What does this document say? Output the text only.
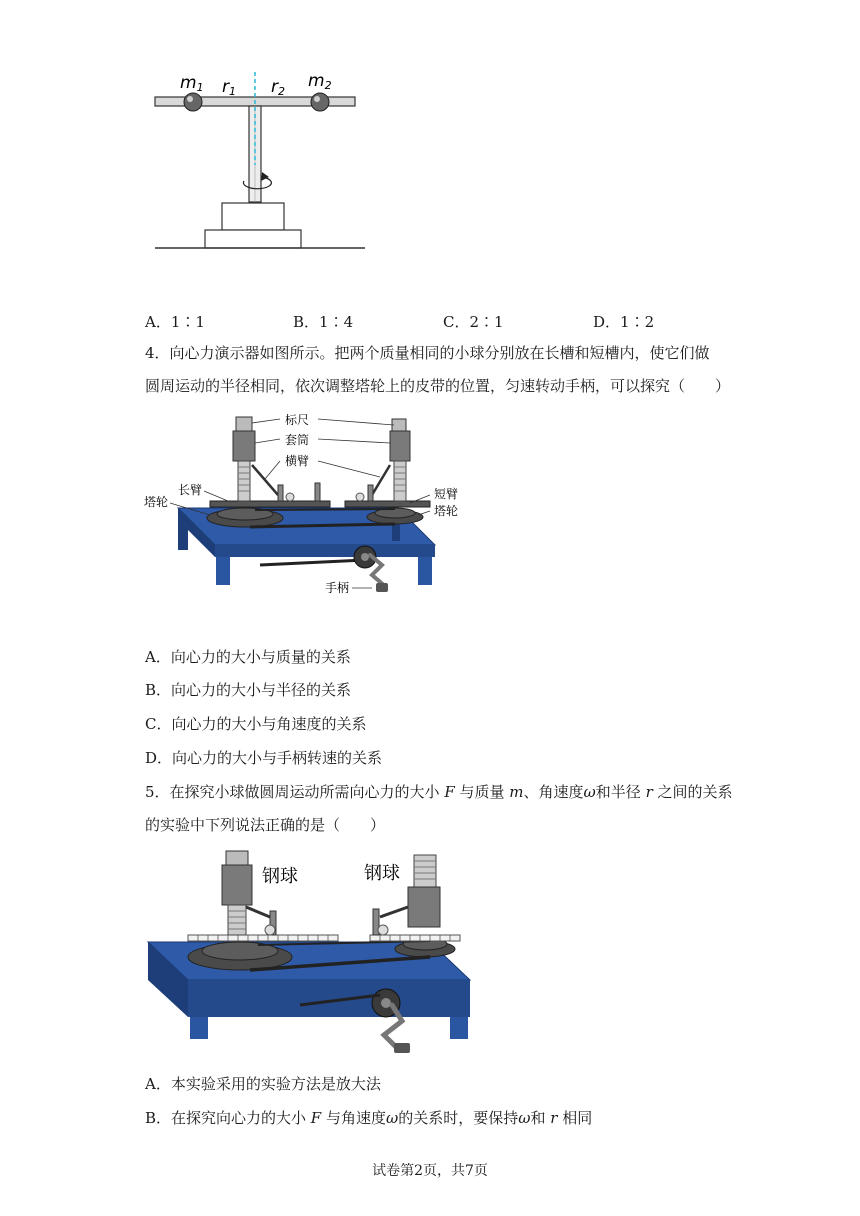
m1 r1 r2
m2
A．1∶1	B．1∶4	C．2∶1	D．1∶2
4．向心力演示器如图所示。把两个质量相同的小球分别放在长槽和短槽内，使它们做
圆周运动的半径相同，依次调整塔轮上的皮带的位置，匀速转动手柄，可以探究（　　）
标尺
套筒
横臂
长臂
塔轮
短臂
塔轮
手柄
A．向心力的大小与质量的关系
B．向心力的大小与半径的关系
C．向心力的大小与角速度的关系
D．向心力的大小与手柄转速的关系
5．在探究小球做圆周运动所需向心力的大小 F 与质量 m、角速度ω和半径 r 之间的关系
的实验中下列说法正确的是（　　）
钢球	钢球
A．本实验采用的实验方法是放大法
B．在探究向心力的大小 F 与角速度ω的关系时，要保持ω和 r 相同
试卷第2页，共7页
